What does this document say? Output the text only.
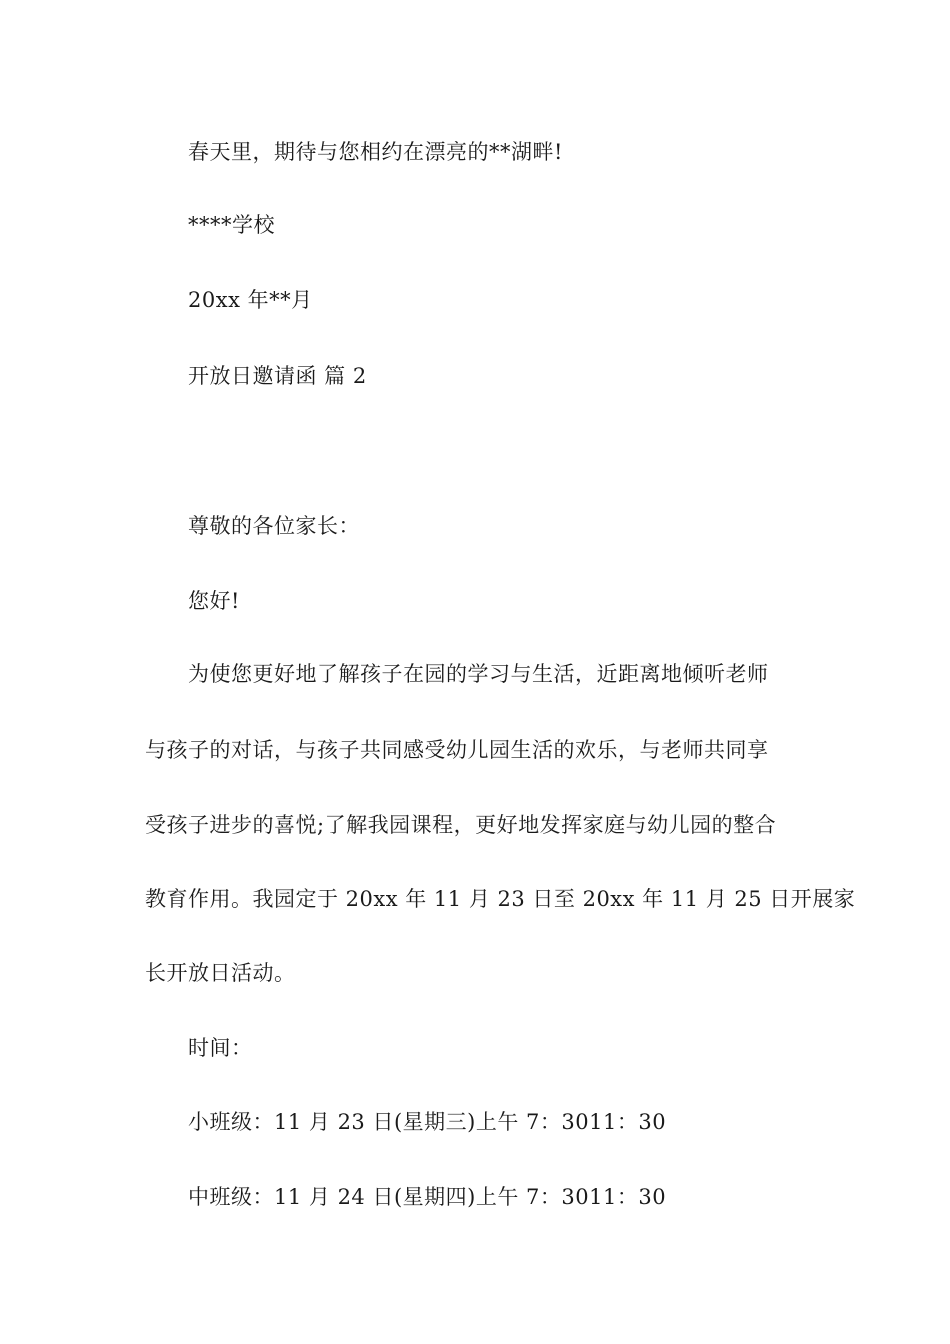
春天里，期待与您相约在漂亮的**湖畔!
****学校
20xx 年**月
开放日邀请函 篇 2
尊敬的各位家长：
您好!
为使您更好地了解孩子在园的学习与生活，近距离地倾听老师
与孩子的对话，与孩子共同感受幼儿园生活的欢乐，与老师共同享
受孩子进步的喜悦;了解我园课程，更好地发挥家庭与幼儿园的整合
教育作用。我园定于 20xx 年 11 月 23 日至 20xx 年 11 月 25 日开展家
长开放日活动。
时间：
小班级：11 月 23 日(星期三)上午 7：3011：30
中班级：11 月 24 日(星期四)上午 7：3011：30
